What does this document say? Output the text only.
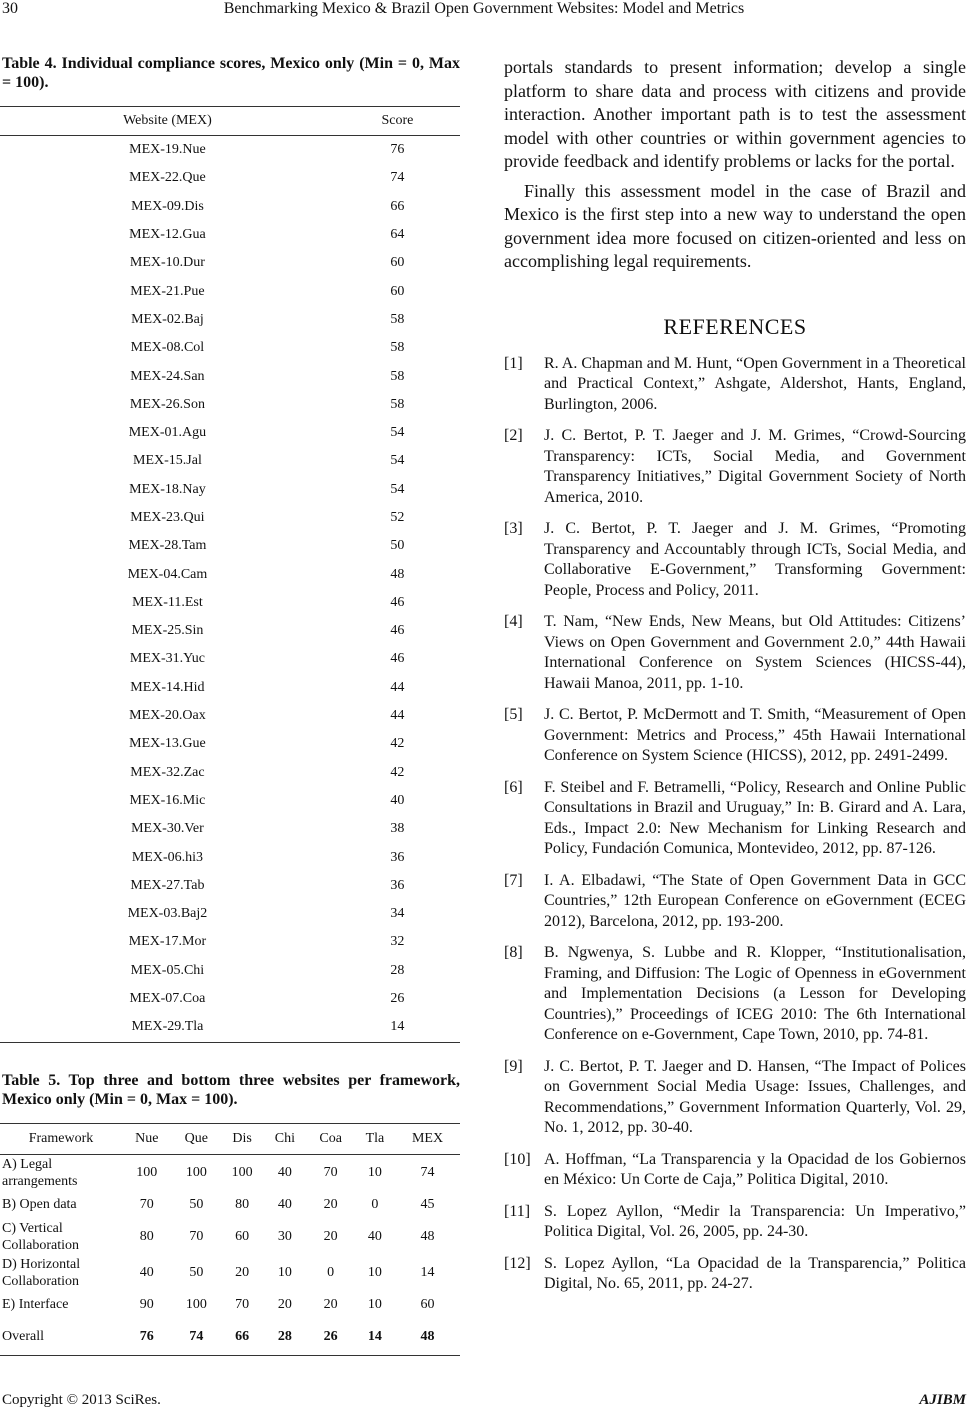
30	Benchmarking Mexico & Brazil Open Government Websites: Model and Metrics

Table 4. Individual compliance scores, Mexico only (Min = 0, Max = 100).

Website (MEX)	Score
MEX-19.Nue	76
MEX-22.Que	74
MEX-09.Dis	66
MEX-12.Gua	64
MEX-10.Dur	60
MEX-21.Pue	60
MEX-02.Baj	58
MEX-08.Col	58
MEX-24.San	58
MEX-26.Son	58
MEX-01.Agu	54
MEX-15.Jal	54
MEX-18.Nay	54
MEX-23.Qui	52
MEX-28.Tam	50
MEX-04.Cam	48
MEX-11.Est	46
MEX-25.Sin	46
MEX-31.Yuc	46
MEX-14.Hid	44
MEX-20.Oax	44
MEX-13.Gue	42
MEX-32.Zac	42
MEX-16.Mic	40
MEX-30.Ver	38
MEX-06.hi3	36
MEX-27.Tab	36
MEX-03.Baj2	34
MEX-17.Mor	32
MEX-05.Chi	28
MEX-07.Coa	26
MEX-29.Tla	14

Table 5. Top three and bottom three websites per framework, Mexico only (Min = 0, Max = 100).

Framework	Nue	Que	Dis	Chi	Coa	Tla	MEX
A) Legal arrangements	100	100	100	40	70	10	74
B) Open data	70	50	80	40	20	0	45
C) Vertical Collaboration	80	70	60	30	20	40	48
D) Horizontal Collaboration	40	50	20	10	0	10	14
E) Interface	90	100	70	20	20	10	60
Overall	76	74	66	28	26	14	48

portals standards to present information; develop a single platform to share data and process with citizens and provide interaction. Another important path is to test the assessment model with other countries or within government agencies to provide feedback and identify problems or lacks for the portal.

Finally this assessment model in the case of Brazil and Mexico is the first step into a new way to understand the open government idea more focused on citizen-oriented and less on accomplishing legal requirements.

REFERENCES
[1]	R. A. Chapman and M. Hunt, “Open Government in a Theoretical and Practical Context,” Ashgate, Aldershot, Hants, England, Burlington, 2006.
[2]	J. C. Bertot, P. T. Jaeger and J. M. Grimes, “Crowd-Sourcing Transparency: ICTs, Social Media, and Government Transparency Initiatives,” Digital Government Society of North America, 2010.
[3]	J. C. Bertot, P. T. Jaeger and J. M. Grimes, “Promoting Transparency and Accountably through ICTs, Social Media, and Collaborative E-Government,” Transforming Government: People, Process and Policy, 2011.
[4]	T. Nam, “New Ends, New Means, but Old Attitudes: Citizens’ Views on Open Government and Government 2.0,” 44th Hawaii International Conference on System Sciences (HICSS-44), Hawaii Manoa, 2011, pp. 1-10.
[5]	J. C. Bertot, P. McDermott and T. Smith, “Measurement of Open Government: Metrics and Process,” 45th Hawaii International Conference on System Science (HICSS), 2012, pp. 2491-2499.
[6]	F. Steibel and F. Betramelli, “Policy, Research and Online Public Consultations in Brazil and Uruguay,” In: B. Girard and A. Lara, Eds., Impact 2.0: New Mechanism for Linking Research and Policy, Fundación Comunica, Montevideo, 2012, pp. 87-126.
[7]	I. A. Elbadawi, “The State of Open Government Data in GCC Countries,” 12th European Conference on eGovernment (ECEG 2012), Barcelona, 2012, pp. 193-200.
[8]	B. Ngwenya, S. Lubbe and R. Klopper, “Institutionalisation, Framing, and Diffusion: The Logic of Openness in eGovernment and Implementation Decisions (a Lesson for Developing Countries),” Proceedings of ICEG 2010: The 6th International Conference on e-Government, Cape Town, 2010, pp. 74-81.
[9]	J. C. Bertot, P. T. Jaeger and D. Hansen, “The Impact of Polices on Government Social Media Usage: Issues, Challenges, and Recommendations,” Government Information Quarterly, Vol. 29, No. 1, 2012, pp. 30-40.
[10] A. Hoffman, “La Transparencia y la Opacidad de los Gobiernos en México: Un Corte de Caja,” Politica Digital, 2010.
[11] S. Lopez Ayllon, “Medir la Transparencia: Un Imperativo,” Politica Digital, Vol. 26, 2005, pp. 24-30.
[12] S. Lopez Ayllon, “La Opacidad de la Transparencia,” Politica Digital, No. 65, 2011, pp. 24-27.
Copyright © 2013 SciRes.	AJIBM
